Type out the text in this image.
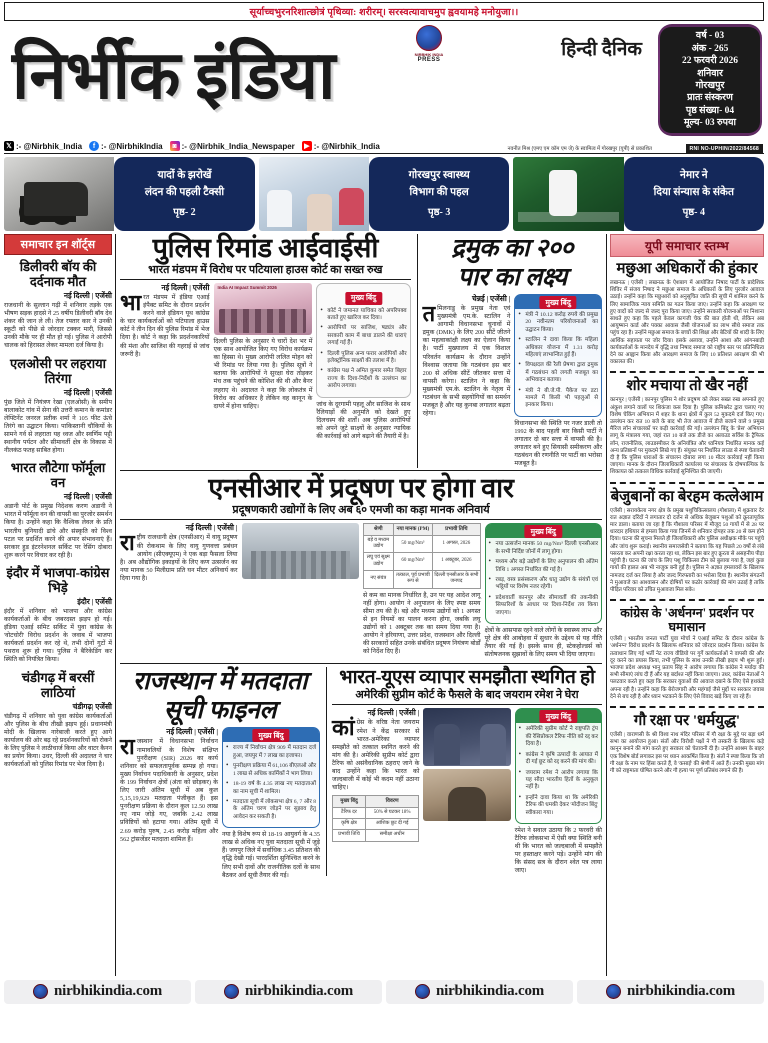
सूर्याच्चभुरनरिशात्छोत्रं पृथिव्या: शरीरम्। सरस्वत्यावाचमुप ह्ववयामहे मनोयुजा।।
निर्भीक इंडिया	NIRBHIK INDIA
PRESS	हिन्दी दैनिक
वर्ष - 03
अंक - 265
22 फरवरी 2026
शनिवार
गोरखपुर
प्रातः संस्करण
पृष्ठ संख्या- 04
मूल्य- 03 रुपया
𝕏 :- @Nirbhik_India	f :- @NirbhikIndia	◙ :- @Nirbhik_India_Newspaper	▶ :- @Nirbhik_India	नवनीत मिश्र (एमए एम कॉम एम जे) के स्वामित्व में गोरखपुर (यूपी) से प्रकाशित	RNI NO-UPHIN/2022/84568
यादों के झरोखें
लंदन की पहली टैक्सी
पृष्ठ- 2
गोरखपुर स्वास्थ्य
विभाग की पहल
पृष्ठ- 3
नेमार ने
दिया संन्यास के संकेत
पृष्ठ- 4
समाचार इन शॉर्ट्स
डिलीवरी बॉय की दर्दनाक मौत
नई दिल्ली | एजेंसी
राजधानी के सुल्तान गढ़ी में शनिवार तड़के एक भीषण सड़क हादसे ने 25 वर्षीय डिलीवरी बॉय देव शंकर की जान ले ली। तेज रफ्तार कार ने उनकी स्कूटी को पीछे से जोरदार टक्कर मारी, जिससे उनकी मौके पर ही मौत हो गई। पुलिस ने आरोपी चालक को हिरासत लेकर मामला दर्ज किया है।
एलओसी पर लहराया तिरंगा
नई दिल्ली | एजेंसी
पुंछ जिले में नियंत्रण रेखा (एलओसी) के समीप बालाकोट गांव में सेना की उत्तरी कमान के कमांडर लेफ्टिनेंट जनरल प्रतीक शर्मा ने 105 फीट ऊंचे तिरंगे का उद्घाटन किया। पाकिस्तानी चौकियों के सामने गर्व से लहराता यह ध्वज और स्वर्णिम पट्टी स्थानीय पर्यटन और सीमावर्ती क्षेत्र के विकास में नीलकंठ फतह साबित होगा।
भारत लौटेगा फॉर्मूला वन
नई दिल्ली | एजेंसी
अडानी पोर्ट के प्रमुख निदेशक करण अडानी ने भारत में फॉर्मूला वन की वापसी का पुरजोर समर्थन किया है। उन्होंने कहा कि वैश्विक लेवल के प्रति भारतीय बुनियादी ढांचे और संस्कृति को विश्व पटल पर प्रदर्शित करने की अपार संभावनाएं हैं। सरकार हुड इंटरनेशनल सर्किट पर रेसिंग दोबारा शुरू करने पर विचार कर रही है।
इंदौर में भाजपा-कांग्रेस भिड़े
इंदौर | एजेंसी
इंदौर में शनिवार को भाजपा और कांग्रेस कार्यकर्ताओं के बीच जबरदस्त झड़प हो गई। इंडिया एआई समिट सर्किट में युवा कांग्रेस के 'वोटचोरी' विरोध प्रदर्शन के जवाब में भाजपा कार्यकर्ता प्रदर्शन कर रहे थे, तभी दोनों गुटों में पथराव शुरू हो गया। पुलिस ने बैरिकेडिंग कर स्थिति को नियंत्रित किया।
चंडीगढ़ में बरसीं लाठियां
चंडीगढ़| एजेंसी
चंडीगढ़ में शनिवार को युवा कांग्रेस कार्यकर्ताओं और पुलिस के बीच तीखी झड़प हुई। प्रधानमंत्री मोदी के खिलाफ नारेबाजी करते हुए आगे कार्यालय की ओर बढ़ रहे प्रदर्शनकारियों को रोकने के लिए पुलिस ने लाठीचार्ज किया और वाटर कैनन का प्रयोग किया। उधर, दिल्ली की अदालत ने चार कार्यकर्ताओं को पुलिस रिमांड पर भेज दिया है।
पुलिस रिमांड आईवाईसी
भारत मंडपम में विरोध पर पटियाला हाउस कोर्ट का सख्त रुख
नई दिल्ली | एजेंसी
भारत मंडपम में इंडिया एआई इंपैक्ट समिट के दौरान प्रदर्शन करने वाले इंडियन यूथ कांग्रेस के चार कार्यकर्ताओं को पटियाला हाउस कोर्ट ने तीन दिन की पुलिस रिमांड में भेज दिया है। कोर्ट ने कहा कि प्रदर्शनकारियों की मंशा और साजिश की गहराई से जांच जरूरी है।
India AI Impact Summit 2026
दिल्ली पुलिस के अनुसार ये चारों देश भर में एक साथ आयोजित किए गए विरोध कार्यक्रम का हिस्सा थे। मुख्य आरोपी ललित मोहन को भी रिमांड पर लिया गया है। पुलिस सूत्रों ने बताया कि आरोपियों ने सुरक्षा घेरा तोड़कर मंच तक पहुंचने की कोशिश की थी और बैनर लहराए थे। अदालत ने कहा कि लोकतंत्र में विरोध का अधिकार है लेकिन वह कानून के दायरे में होना चाहिए।
मुख्य बिंदु
• कोर्ट ने जमानत याचिका को अपरिपक्व बताते हुए खारिज कर दिया।
• आरोपियों पर साजिश, षड्यंत्र और सरकारी काम में बाधा डालने की धाराएं लगाई गई हैं।
• दिल्ली पुलिस अन्य फरार आरोपियों और इलेक्ट्रॉनिक साक्ष्यों की तलाश में है।
• कांग्रेस पक्ष ने अमित कुमार समेत बिहार राज्य के दिशा-निर्देशों के उल्लंघन का आरोप लगाया।
जांच के दूरगामी पहलू और साजिश के साथ रैलियाड़ों की अनुमति को देखते हुए दिलचस्प की शर्तों। अब पुलिस आरोपियों को अपने जुटे साक्ष्यों के अनुसार न्यायिक की कार्रवाई को आगे बढ़ाने की तैयारी में है।
द्रमुक का २००
पार का लक्ष्य
चेन्नई | एजेंसी |
तमिलनाडु के प्रमुख नेता एवं मुख्यमंत्री एम.के. स्टालिन ने आगामी विधानसभा चुनावों में द्रमुक (DMK) के लिए 200 सीटें जीतने का महत्वाकांक्षी लक्ष्य का ऐलान किया है। पार्टी मुख्यालय में एक विशाल परिवर्तन कार्यक्रम के दौरान उन्होंने विश्वास जताया कि गठबंधन इस बार 200 से अधिक सीटें जीतकर सत्ता में वापसी करेगा। स्टालिन ने कहा कि मुख्यमंत्री एम.के. स्टालिन के नेतृत्व में गठबंधन के सभी सहयोगियों का समर्थन मजबूत है और यह कुनबा लगातार बढ़ता रहेगा।
मुख्य बिंदु
• मंत्री ने 10.12 करोड़ रुपये की प्रमुख 20 नवीनतम परियोजनाओं का उद्घाटन किया।
• स्टालिन ने दावा किया कि महिला अधिकार योजना में 1.31 करोड़ महिलाएं लाभान्वित हुई हैं।
• विपक्षदल की रैली प्रेषणा द्वारा द्रमुक में गठबंधन को लगती मजबूत का अभिवादन बताया।
• मंत्री ने बी.जे.पी. पैकेज पर डटा मामले में किसी भी पहलुओं से इनकार किया।
विधानसभा की स्थिति पर नजर डाली तो 1992 के बाद पहली बार किसी पार्टी ने लगातार दो बार सत्ता में वापसी की है। लगातार बने हुए सियासी समीकरण और गठबंधन की रणनीति पर पार्टी का भरोसा मजबूत है।
एनसीआर में प्रदूषण पर होगा वार
प्रदूषणकारी उद्योगों के लिए अब ६० एमजी का कड़ा मानक अनिवार्य
नई दिल्ली | एजेंसी |
राष्ट्रीय राजधानी क्षेत्र (एनसीआर) में वायु प्रदूषण की रोकथाम के लिए वायु गुणवत्ता प्रबंधन आयोग (सीएक्यूएम) ने एक बड़ा फैसला लिया है। अब औद्योगिक इकाइयों के लिए कण उत्सर्जन का नया मानक 50 मिलीग्राम प्रति घन मीटर अनिवार्य कर दिया गया है।
श्रेणी	नया मानक (PM)	प्रभावी तिथि
बड़े व मध्यम उद्योग	50 mg/Nm³	1 अगस्त, 2026
लघु एवं सूक्ष्म उद्योग	60 mg/Nm³	1 अक्टूबर, 2026
नए संयंत्र	तत्काल, पूर्व प्रभावी रूप से	दिल्ली एनसीआर के सभी जनपद
से कम का मानक निर्धारित है, उन पर यह आदेश लागू नहीं होगा। आयोग ने अनुपालन के लिए स्पष्ट समय सीमा तय की है। बड़े और मध्यम उद्योगों को 1 अगस्त से इन नियमों का पालन करना होगा, जबकि लघु उद्योगों को 1 अक्टूबर तक का समय दिया गया है। आयोग ने हरियाणा, उत्तर प्रदेश, राजस्थान और दिल्ली की सरकारों सहित उनके संबंधित प्रदूषण नियंत्रण बोर्डों को निर्देश दिए हैं।
मुख्य बिंदु
• नया उत्सर्जन मानक 50 mg/Nm³ दिल्ली एनसीआर के सभी निर्दिष्ट जोनों में लागू होगा।
• मध्यम और बड़े उद्योगों के लिए अनुपालन की अंतिम तिथि 1 अगस्त निर्धारित की गई है।
• रबड़, वस्त्र प्रसंस्करण और धातु उद्योग के संयंत्रों एवं भट्ठियों पर विशेष नजर रहेगी।
• प्रदेशवार्ती कानपुर और सीमावर्ती की तकनीकी सिफारिशों के आधार पर दिशा-निर्देश तय किया जाएगा।
क्षेत्रों के आसपास रहने वाले लोगों के स्वास्थ्य लाभ और पूरे क्षेत्र की आबोहवा में सुधार के उद्देश्य से यह नीति तैयार की गई है। इसके साथ ही, स्टेकहोल्डर्स को संतोषजनक सुझावों के लिए समय भी दिया जाएगा।
राजस्थान में मतदाता
सूची फाइनल
नई दिल्ली | एजेंसी |
राजस्थान में विधानसभा निर्वाचन नामावलियों के विशेष संक्षिप्त पुनरीक्षण (SIR) 2026 का कार्य शनिवार को सफलतापूर्वक सम्पन्न हो गया। मुख्य निर्वाचन पदाधिकारी के अनुसार, प्रदेश के 199 निर्वाचन क्षेत्रों (अंता को छोड़कर) के लिए जारी अंतिम सूची में अब कुल 5,15,19,929 मतदाता पंजीकृत हैं। इस पुनरीक्षण प्रक्रिया के दौरान कुल 12.50 लाख नए नाम जोड़े गए, जबकि 2.42 लाख प्रविष्टियों को हटाया गया। अंतिम सूची में 2.69 करोड़ पुरुष, 2.45 करोड़ महिला और 562 ट्रांसजेंडर मतदाता शामिल हैं।
मुख्य बिंदु
• राज्य में निर्वाचन क्षेत्र 909 में मतदान दर्ज हुआ, जयपुर में 7 लाख का इजाफा।
• पुनरीक्षण प्रक्रिया में 61,106 बीएलओ और 1 लाख से अधिक कार्मिकों ने भाग लिया।
• 18-19 वर्ष के 4.35 लाख नए मतदाताओं का नाम सूची में शामिल।
• मतदाता सूची में लोकसभा क्षेत्र 6, 7 और 8 के अंतिम चरण जोड़ने पर सुझाव हेतु आवेदन कर सकती है।
नया है विशेष रूप से 18-19 आयुवर्ग के 4.35 लाख से अधिक नए युवा मतदाता सूची में जुड़े हैं। जयपुर जिले में सर्वाधिक 3.45 प्रतिशत की वृद्धि देखी गई। पारदर्शिता सुनिश्चित करने के लिए सभी दावों और राजनीतिक दलों के साथ बैठकर अर्ध सूची तैयार की गई।
भारत-यूएस व्यापार समझौता स्थगित हो
अमेरिकी सुप्रीम कोर्ट के फैसले के बाद जयराम रमेश ने घेरा
नई दिल्ली | एजेंसी |
कांग्रेस के वरिष्ठ नेता जयराम रमेश ने केंद्र सरकार से भारत-अमेरिका व्यापार समझौते को तत्काल स्थगित करने की मांग की है। अमेरिकी सुप्रीम कोर्ट द्वारा टैरिफ को असंवैधानिक ठहराए जाने के बाद उन्होंने कहा कि भारत को जल्दबाजी में कोई भी कदम नहीं उठाना चाहिए।
मुख्य बिंदु	विवरण
टैरिफ दर	50% से घटकर 18%
कृषि क्षेत्र	आंशिक छूट दी गई
प्रभावी तिथि	समीक्षा अधीन
मुख्य बिंदु
• अमेरिकी सुप्रीम कोर्ट ने राष्ट्रपति ट्रंप की रेसिप्रोकल टैरिफ नीति को रद्द कर दिया है।
• कांग्रेस ने कृषि उत्पादों के आयात में दी गई छूट को रद्द करने की मांग की।
• जयराम रमेश ने आरोप लगाया कि यह सौदा भारतीय हितों के अनुकूल नहीं है।
• इन्होंने दावा किया था कि अमेरिकी टैरिफ की धमकी देकर 'मोदीजन बिंदु' स्वीकारा गया।
रमेश ने सवाल उठाया कि 2 फरवरी की टैरिफ लोकसभा में ऐसी क्या स्थिति बनी थी कि भारत को जल्दबाजी में समझौते पर हस्ताक्षर करने पड़े। उन्होंने मांग की कि संसद सत्र के दौरान श्वेत पत्र लाया जाए।
यूपी समाचार स्तम्भ
मछुआ अधिकारों की हुंकार
लखनऊ | एजेंसी | लखनऊ के ऐशबाग में आयोजित निषाद पार्टी के प्रादेशिक शिविर में संजय निषाद ने मछुआ समाज के अधिकारों के लिए पुरजोर आवाज उठाई। उन्होंने कहा कि मछुआरों को अनुसूचित जाति की सूची में शामिल करने के लिए सामाजिक न्याय समिति का गठन किया जाए। उन्होंने कहा कि आरक्षण पर हुए वादों को जल्द से जल्द पूरा किया जाए। उन्होंने सरकारी योजनाओं पर निशाना साधते हुए कहा कि पहले केवल कागजी चेक की बात होती थी, लेकिन अब आयुष्मान कार्ड और पक्का आवास जैसी योजनाओं का लाभ सीधे समाज तक पहुंच रहा है। उन्होंने मछुआ समाज के बच्चों की शिक्षा और बेटियों की शादी के लिए आर्थिक सहायता पर जोर दिया। इसके अलावा, उन्होंने आशा और आंगनबाड़ी कार्यकर्ताओं के मानदेय में वृद्धि तथा निषाद समाज को राष्ट्रीय स्तर पर प्रतिनिधित्व देने का आह्वान किया और आरक्षण समाज के लिए 10 प्रतिशत आरक्षण की भी वकालत की।
शोर मचाया तो खैर नहीं
कानपुर | एजेंसी | कानपुर पुलिस ने शोर प्रदूषण को लेकर सख्त रुख अपनाते हुए अंकुश लगाने वालों पर शिकंजा कस दिया है। पुलिस कमिश्नरेट द्वारा चलाए गए विशेष चेकिंग अभियान में शहर के थाना क्षेत्रों में कुल 52 मुकदमे दर्ज किए गए। उल्लंघन कर रात 10 बजे के बाद भी तेज आवाज में डीजे बजाने वाले 9 प्रमुख मैरिज लॉन संचालकों पर कड़ी कार्रवाई की गई। उल्लंघन बिंदु के 'प्रेस' अभियान लागू के मंत्रालय गया, जहां रात 10 बजे तक डीजे का अलाउड सर्विस के ट्रैफिक लॉन, राजनीतिक, लाउडस्पीकर के अनियंत्रित और ध्वनियत्र निर्धारित मानक कई अन्य प्रतिष्ठानों पर मुकदमे लिखे गए हैं। संयुक्त पर निर्धारित लाउड से स्पष्ट चेतावनी दी है कि पुलिस धाराओं के संचालन दोबारा लगा 10 मीटर कार्रवाई नहीं किया जाएगा। मानक के दौरान जिलाधिकारी कार्यालय पर संचालक के दोषपाल्यिक के शिकायत को तत्काल विधिक कार्रवाई सुनिश्चित की जाएगी।
बेजुबानों का बेरहम कत्लेआम
एजेंसी | सरायकेला नगर क्षेत्र के प्रमुख पशुचिकित्सालय (गोशाला) में शुक्रवार देर रात अज्ञात दरिंदों ने लगातार दो दर्जन से अधिक बेजुबान पशुओं को क्रूरतापूर्वक मार डाला। बताया जा रहा है कि गौशाला परिसर में मौजूद 50 गायों में से 28 पर धारदार हथियार से हमला किया गया जिनमें से शनिवार दोपहर तक 20 से कम होने दिया। घटना की सूचना मिलते ही जिलाधिकारी और पुलिस अधीक्षक मौके पर पहुंचे और जांच शुरू कराई। स्थानीय समाजसेवी ने बताया कि यह पिछले 20 वर्षों से लंबे पसरता कर अपनी रक्षा करता रहा था, लेकिन इस बार हुए क्रूरता से असहनीय पीड़ा पहुंची है। घटना की जांच के लिए पशु चिकित्सा टीम को बुलाया गया है, जहां कुछ गायों की हालत अब भी नाजुक बनी हुई है। पुलिस ने अज्ञात हमलावरों के खिलाफ नामजद दर्ज कर लिया है और जल्द गिरफ्तारी का भरोसा दिया है। स्थानीय संगठनों ने मुआवजे का आश्वासन और दोषियों पर कठोर कार्रवाई की मांग उठाई है ताकि पीड़ित परिवार को उचित मुआवजा मिल सके।
कांग्रेस के 'अर्धनग्न' प्रदर्शन पर घमासान
एजेंसी | भारतीय जनता पार्टी युवा मोर्चा ने एआई समिट के दौरान कांग्रेस के 'अर्धनग्न' विरोध प्रदर्शन के खिलाफ शनिवार को जोरदार प्रदर्शन किया। कांग्रेस के तत्वाधान लिए गई भर्ती नेट राज्य वीडियो पर गुर्गे कार्यकर्ताओं ने वापसी की और दूर करने का प्रयास किया, तभी पुलिस के साथ उनकी तीखी झड़प भी शुरू हुई। भाजपा प्रदेश अध्यक्ष भानु प्रताप सिंह ने आरोप लगाया कि कांग्रेस ने मर्यादा की सभी सीमाएं लांघ दी हैं और यह बर्दाश्त नहीं किया जाएगा। उधर, कांग्रेस नेताओं ने पलटवार करते हुए कहा कि सरकार युवाओं की आवाज दबाने के लिए ऐसे हथकंडे अपना रही है। उन्होंने कहा कि बेरोजगारी और महंगाई जैसे मुद्दों पर सरकार जवाब देने से बच रही है और ध्यान भटकाने के लिए ऐसे विवाद खड़े किए जा रहे हैं।
गौ रक्षा पर 'धर्मयुद्ध'
एजेंसी | वाराणसी के श्री विश्व नाथ मंदिर परिसर में गौ रक्षा के मुद्दे पर बड़ा धर्म सभा का आयोजन हुआ। संतों और विरोधी पक्षों ने गौ तस्करी के खिलाफ कड़े कानून बनाने की मांग करते हुए सरकार को चेतावनी दी है। उन्होंने आश्रम के बाहर एक विशेष बोर्ड लगाकर इस पर ध्यान आकर्षित किया है। संतों ने स्पष्ट किया कि जो गौ रक्षा के नाम पर हिंसा करते हैं, वे 'कसाई' की श्रेणी में आते हैं। उनकी मुख्य मांग गौ को राष्ट्रमाता घोषित करने और गौ हत्या पर पूर्ण प्रतिबंध लगाने की है।
nirbhikindia.com	nirbhikindia.com	nirbhikindia.com	nirbhikindia.com
